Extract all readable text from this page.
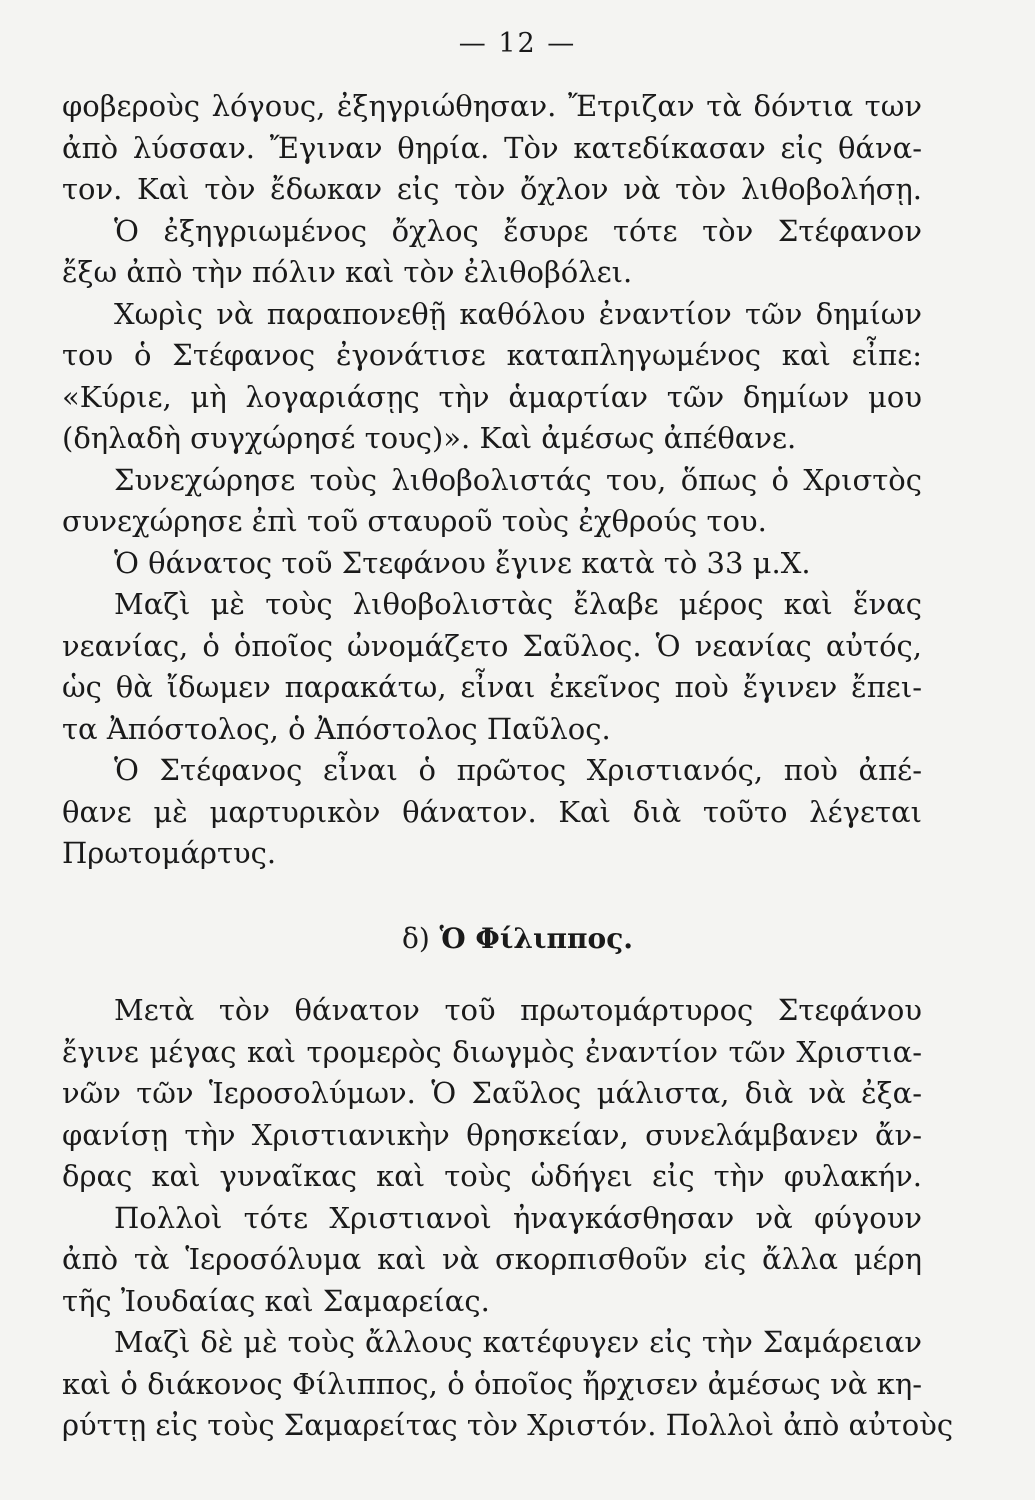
— 12 —
φοβεροὺς λόγους, ἐξηγριώθησαν. Ἔτριζαν τὰ δόντια των
ἀπὸ λύσσαν. Ἔγιναν θηρία. Τὸν κατεδίκασαν εἰς θάνα-
τον. Καὶ τὸν ἔδωκαν εἰς τὸν ὄχλον νὰ τὸν λιθοβολήσῃ.
Ὁ ἐξηγριωμένος ὄχλος ἔσυρε τότε τὸν Στέφανον
ἔξω ἀπὸ τὴν πόλιν καὶ τὸν ἐλιθοβόλει.
Χωρὶς νὰ παραπονεθῇ καθόλου ἐναντίον τῶν δημίων
του ὁ Στέφανος ἐγονάτισε καταπληγωμένος καὶ εἶπε:
«Κύριε, μὴ λογαριάσῃς τὴν ἁμαρτίαν τῶν δημίων μου
(δηλαδὴ συγχώρησέ τους)». Καὶ ἀμέσως ἀπέθανε.
Συνεχώρησε τοὺς λιθοβολιστάς του, ὅπως ὁ Χριστὸς
συνεχώρησε ἐπὶ τοῦ σταυροῦ τοὺς ἐχθρούς του.
Ὁ θάνατος τοῦ Στεφάνου ἔγινε κατὰ τὸ 33 μ.Χ.
Μαζὶ μὲ τοὺς λιθοβολιστὰς ἔλαβε μέρος καὶ ἕνας
νεανίας, ὁ ὁποῖος ὠνομάζετο Σαῦλος. Ὁ νεανίας αὐτός,
ὡς θὰ ἴδωμεν παρακάτω, εἶναι ἐκεῖνος ποὺ ἔγινεν ἔπει-
τα Ἀπόστολος, ὁ Ἀπόστολος Παῦλος.
Ὁ Στέφανος εἶναι ὁ πρῶτος Χριστιανός, ποὺ ἀπέ-
θανε μὲ μαρτυρικὸν θάνατον. Καὶ διὰ τοῦτο λέγεται
Πρωτομάρτυς.
δ) Ὁ Φίλιππος.
Μετὰ τὸν θάνατον τοῦ πρωτομάρτυρος Στεφάνου
ἔγινε μέγας καὶ τρομερὸς διωγμὸς ἐναντίον τῶν Χριστια-
νῶν τῶν Ἱεροσολύμων. Ὁ Σαῦλος μάλιστα, διὰ νὰ ἐξα-
φανίσῃ τὴν Χριστιανικὴν θρησκείαν, συνελάμβανεν ἄν-
δρας καὶ γυναῖκας καὶ τοὺς ὡδήγει εἰς τὴν φυλακήν.
Πολλοὶ τότε Χριστιανοὶ ἠναγκάσθησαν νὰ φύγουν
ἀπὸ τὰ Ἱεροσόλυμα καὶ νὰ σκορπισθοῦν εἰς ἄλλα μέρη
τῆς Ἰουδαίας καὶ Σαμαρείας.
Μαζὶ δὲ μὲ τοὺς ἄλλους κατέφυγεν εἰς τὴν Σαμάρειαν
καὶ ὁ διάκονος Φίλιππος, ὁ ὁποῖος ἤρχισεν ἀμέσως νὰ κη-
ρύττῃ εἰς τοὺς Σαμαρείτας τὸν Χριστόν. Πολλοὶ ἀπὸ αὐτοὺς
